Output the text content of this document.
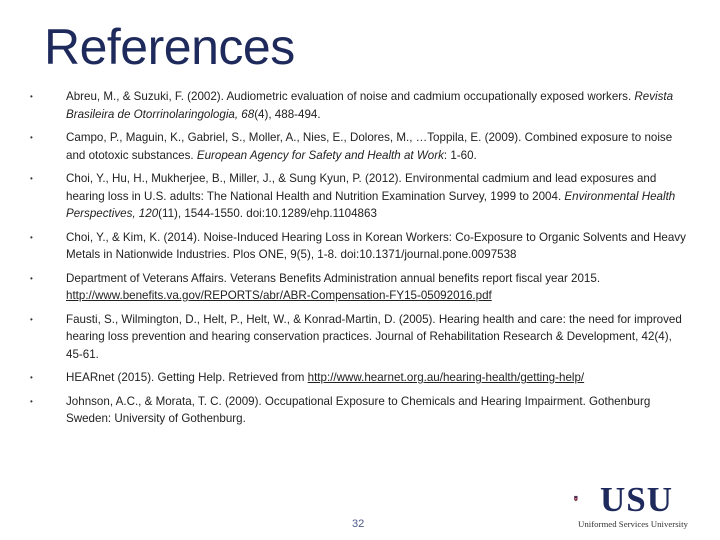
References
•	Abreu, M., & Suzuki, F. (2002). Audiometric evaluation of noise and cadmium occupationally exposed workers. Revista Brasileira de Otorrinolaringologia, 68(4), 488-494.
•	Campo, P., Maguin, K., Gabriel, S., Moller, A., Nies, E., Dolores, M., …Toppila, E. (2009). Combined exposure to noise and ototoxic substances. European Agency for Safety and Health at Work: 1-60.
•	Choi, Y., Hu, H., Mukherjee, B., Miller, J., & Sung Kyun, P. (2012). Environmental cadmium and lead exposures and hearing loss in U.S. adults: The National Health and Nutrition Examination Survey, 1999 to 2004. Environmental Health Perspectives, 120(11), 1544-1550. doi:10.1289/ehp.1104863
•	Choi, Y., & Kim, K. (2014). Noise-Induced Hearing Loss in Korean Workers: Co-Exposure to Organic Solvents and Heavy Metals in Nationwide Industries. Plos ONE, 9(5), 1-8. doi:10.1371/journal.pone.0097538
•	Department of Veterans Affairs. Veterans Benefits Administration annual benefits report fiscal year 2015. http://www.benefits.va.gov/REPORTS/abr/ABR-Compensation-FY15-05092016.pdf
•	Fausti, S., Wilmington, D., Helt, P., Helt, W., & Konrad-Martin, D. (2005). Hearing health and care: the need for improved hearing loss prevention and hearing conservation practices. Journal of Rehabilitation Research & Development, 42(4), 45-61.
•	HEARnet (2015). Getting Help. Retrieved from http://www.hearnet.org.au/hearing-health/getting-help/
•	Johnson, A.C., & Morata, T. C. (2009). Occupational Exposure to Chemicals and Hearing Impairment. Gothenburg Sweden: University of Gothenburg.
32
USU
Uniformed Services University
